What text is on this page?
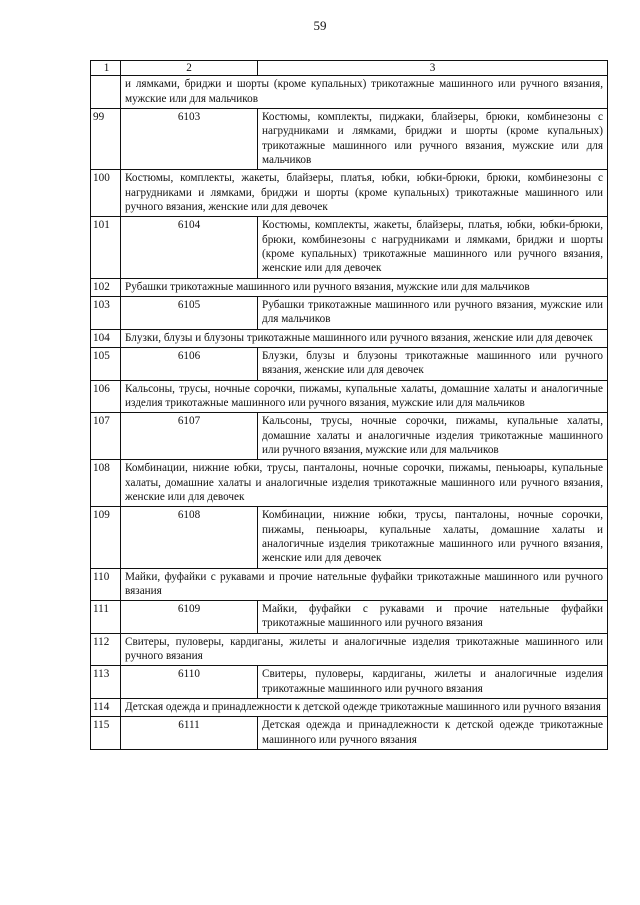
59
1	2	3
	и лямками, бриджи и шорты (кроме купальных) трикотажные машинного или ручного вязания, мужские или для мальчиков	
99	6103	Костюмы, комплекты, пиджаки, блайзеры, брюки, комбинезоны с нагрудниками и лямками, бриджи и шорты (кроме купальных) трикотажные машинного или ручного вязания, мужские или для мальчиков
100	Костюмы, комплекты, жакеты, блайзеры, платья, юбки, юбки-брюки, брюки, комбинезоны с нагрудниками и лямками, бриджи и шорты (кроме купальных) трикотажные машинного или ручного вязания, женские или для девочек	
101	6104	Костюмы, комплекты, жакеты, блайзеры, платья, юбки, юбки-брюки, брюки, комбинезоны с нагрудниками и лямками, бриджи и шорты (кроме купальных) трикотажные машинного или ручного вязания, женские или для девочек
102	Рубашки трикотажные машинного или ручного вязания, мужские или для мальчиков	
103	6105	Рубашки трикотажные машинного или ручного вязания, мужские или для мальчиков
104	Блузки, блузы и блузоны трикотажные машинного или ручного вязания, женские или для девочек	
105	6106	Блузки, блузы и блузоны трикотажные машинного или ручного вязания, женские или для девочек
106	Кальсоны, трусы, ночные сорочки, пижамы, купальные халаты, домашние халаты и аналогичные изделия трикотажные машинного или ручного вязания, мужские или для мальчиков	
107	6107	Кальсоны, трусы, ночные сорочки, пижамы, купальные халаты, домашние халаты и аналогичные изделия трикотажные машинного или ручного вязания, мужские или для мальчиков
108	Комбинации, нижние юбки, трусы, панталоны, ночные сорочки, пижамы, пеньюары, купальные халаты, домашние халаты и аналогичные изделия трикотажные машинного или ручного вязания, женские или для девочек	
109	6108	Комбинации, нижние юбки, трусы, панталоны, ночные сорочки, пижамы, пеньюары, купальные халаты, домашние халаты и аналогичные изделия трикотажные машинного или ручного вязания, женские или для девочек
110	Майки, фуфайки с рукавами и прочие нательные фуфайки трикотажные машинного или ручного вязания	
111	6109	Майки, фуфайки с рукавами и прочие нательные фуфайки трикотажные машинного или ручного вязания
112	Свитеры, пуловеры, кардиганы, жилеты и аналогичные изделия трикотажные машинного или ручного вязания	
113	6110	Свитеры, пуловеры, кардиганы, жилеты и аналогичные изделия трикотажные машинного или ручного вязания
114	Детская одежда и принадлежности к детской одежде трикотажные машинного или ручного вязания	
115	6111	Детская одежда и принадлежности к детской одежде трикотажные машинного или ручного вязания
